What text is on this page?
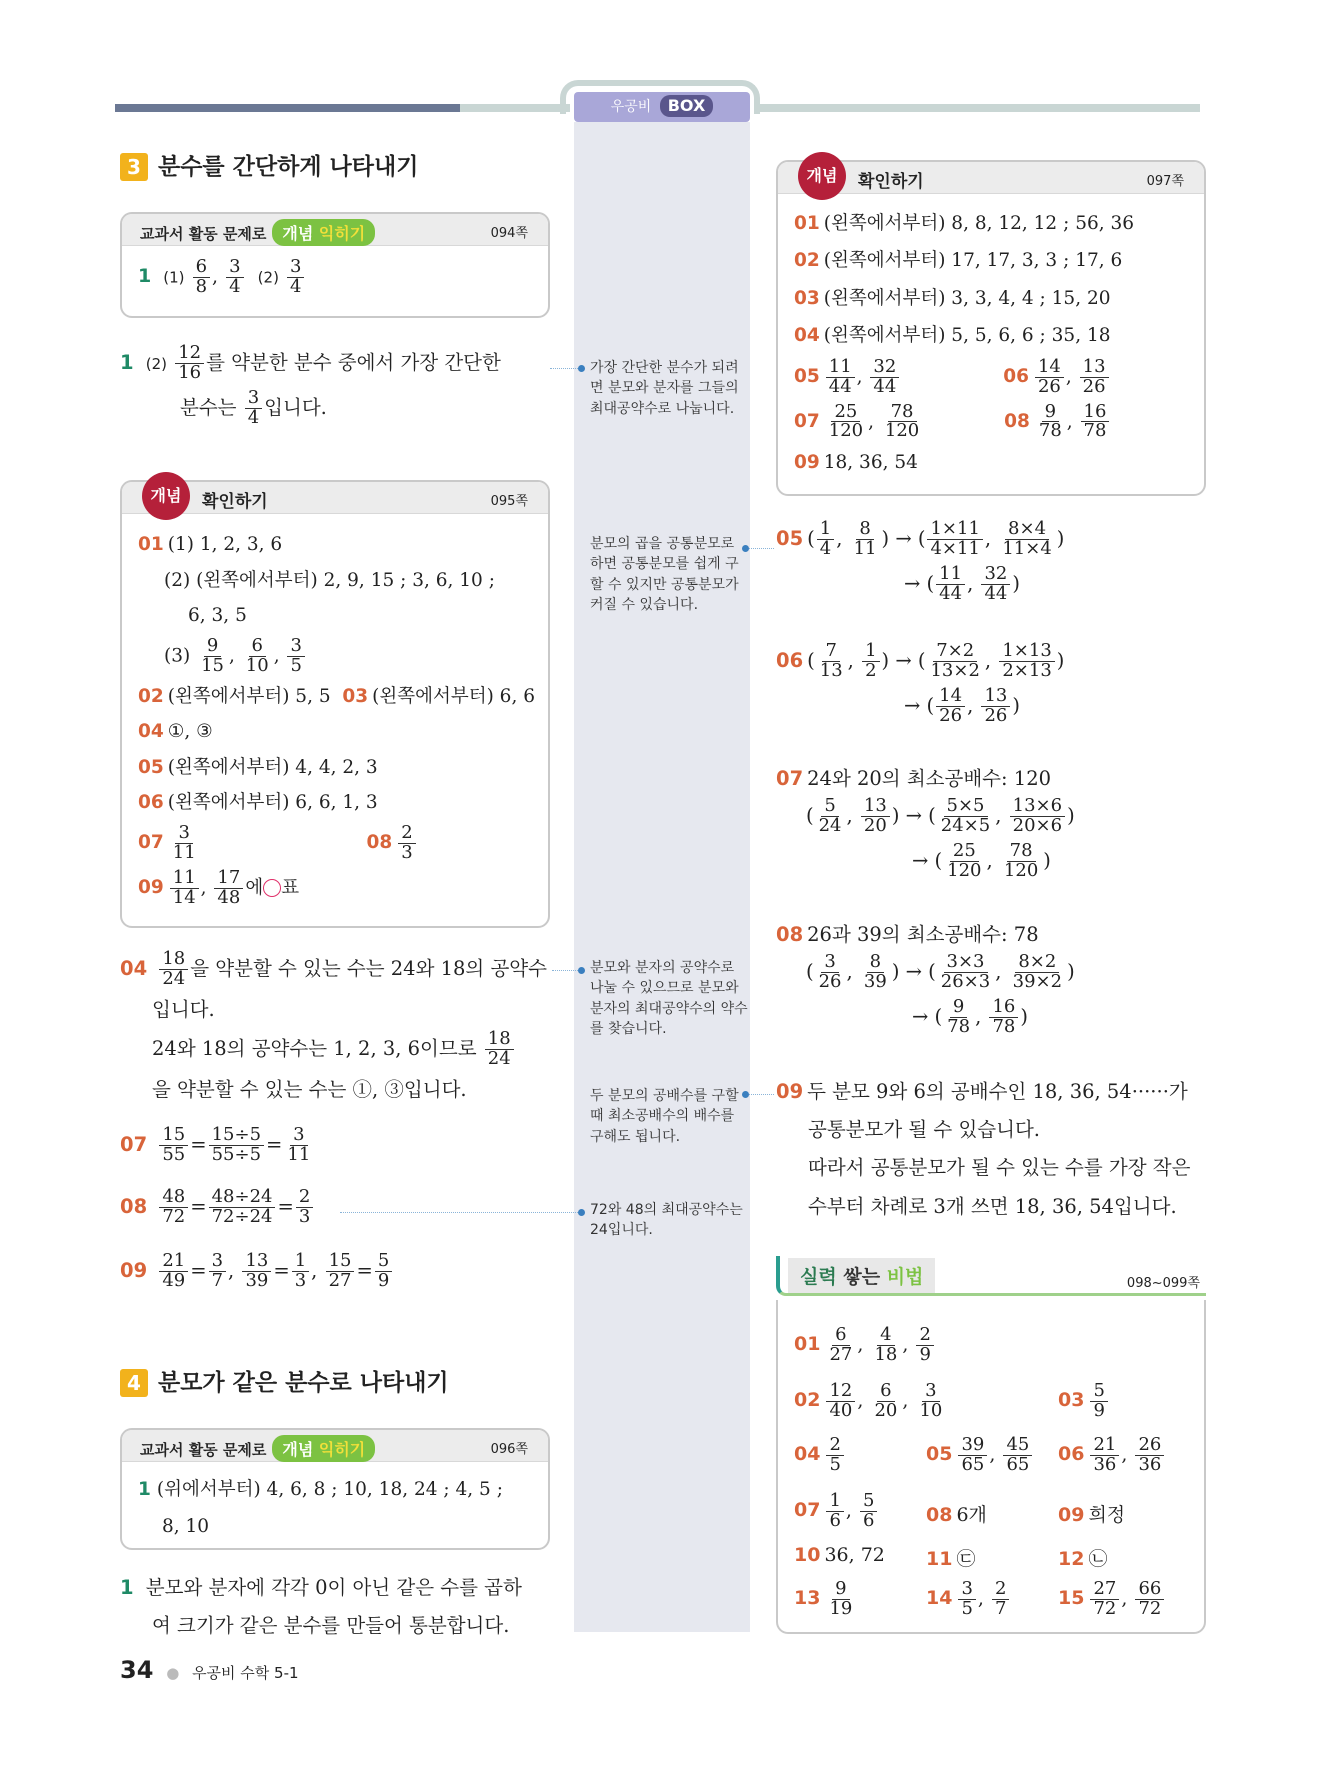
우공비 BOX
3 분수를 간단하게 나타내기
교과서 활동 문제로 개념 익히기	094쪽
1 $(1) \frac{6}{8}$ , $\frac{3}{4} (2) \frac{3}{4}$
1 $(2) \frac{12}{16}$ 를 약분한 분수 중에서 가장 간단한
분수는 $\frac{3}{4}$ 입니다.
가장 간단한 분수가 되려면 분모와 분자를 그들의 최대공약수로 나눕니다.
확인하기	095쪽
개념
01 (1) 1, 2, 3, 6
(2) (왼쪽에서부터) 2, 9, 15 ; 3, 6, 10 ;
6, 3, 5
$(3) \frac{9}{15}$ , $\frac{6}{10}$ , $\frac{3}{5}$
02 (왼쪽에서부터) 5, 5 03 (왼쪽에서부터) 6, 6
04 ①, ③
05 (왼쪽에서부터) 4, 4, 2, 3
06 (왼쪽에서부터) 6, 6, 1, 3
$07 \frac{3}{11}$	$08 \frac{2}{3}$
$09 \frac{11}{14}$ , $\frac{17}{48}$ 에○표
$04 \frac{18}{24}$ 을 약분할 수 있는 수는 24와 18의 공약수
입니다.
24와 18의 공약수는 1, 2, 3, 6이므로 $\frac{18}{24}$
을 약분할 수 있는 수는 ①, ③입니다.
분모와 분자의 공약수로 나눌 수 있으므로 분모와 분자의 최대공약수의 약수를 찾습니다.
$07 \frac{15}{55} = \frac{15\div 5}{55\div 5} = \frac{3}{11}$
$08 \frac{48}{72} = \frac{48\div 24}{72\div 24} = \frac{2}{3}$	72와 48의 최대공약수는 24입니다.
$09 \frac{21}{49} = \frac{3}{7}$ , $\frac{13}{39} = \frac{1}{3}$ , $\frac{15}{27} = \frac{5}{9}$
4 분모가 같은 분수로 나타내기
교과서 활동 문제로 개념 익히기	096쪽
1 (위에서부터) 4, 6, 8 ; 10, 18, 24 ; 4, 5 ;
8, 10
1 분모와 분자에 각각 0이 아닌 같은 수를 곱하
여 크기가 같은 분수를 만들어 통분합니다.
34 ● 우공비 수학 5-1
분모의 곱을 공통분모로 하면 공통분모를 쉽게 구할 수 있지만 공통분모가 커질 수 있습니다.
두 분모의 공배수를 구할 때 최소공배수의 배수를 구해도 됩니다.
확인하기	097쪽
개념
01 (왼쪽에서부터) 8, 8, 12, 12 ; 56, 36
02 (왼쪽에서부터) 17, 17, 3, 3 ; 17, 6
03 (왼쪽에서부터) 3, 3, 4, 4 ; 15, 20
04 (왼쪽에서부터) 5, 5, 6, 6 ; 35, 18
$05 \frac{11}{44}$ , $\frac{32}{44}$	$06 \frac{14}{26}$ , $\frac{13}{26}$
$07 \frac{25}{120}$ , $\frac{78}{120}$	$08 \frac{9}{78}$ , $\frac{16}{78}$
09 18, 36, 54
05 ( $\frac{1}{4}$ , $\frac{8}{11}$ ) → ( $\frac{1\times 11}{4\times 11}$ , $\frac{8\times 4}{11\times 4}$ )
→ ( $\frac{11}{44}$ , $\frac{32}{44}$ )
06 ( $\frac{7}{13}$ , $\frac{1}{2}$ ) → ( $\frac{7\times 2}{13\times 2}$ , $\frac{1\times 13}{2\times 13}$ )
→ ( $\frac{14}{26}$ , $\frac{13}{26}$ )
07 24와 20의 최소공배수: 120
( $\frac{5}{24}$ , $\frac{13}{20}$ ) → ( $\frac{5\times 5}{24\times 5}$ , $\frac{13\times 6}{20\times 6}$ )
→ ( $\frac{25}{120}$ , $\frac{78}{120}$ )
08 26과 39의 최소공배수: 78
( $\frac{3}{26}$ , $\frac{8}{39}$ ) → ( $\frac{3\times 3}{26\times 3}$ , $\frac{8\times 2}{39\times 2}$ )
→ ( $\frac{9}{78}$ , $\frac{16}{78}$ )
09 두 분모 9와 6의 공배수인 18, 36, 54······가
공통분모가 될 수 있습니다.
따라서 공통분모가 될 수 있는 수를 가장 작은
수부터 차례로 3개 쓰면 18, 36, 54입니다.
실력 쌓는 비법	098~099쪽
$01 \frac{6}{27}$ , $\frac{4}{18}$ , $\frac{2}{9}$
$02 \frac{12}{40}$ , $\frac{6}{20}$ , $\frac{3}{10}$	$03 \frac{5}{9}$
$04 \frac{2}{5}$	$05 \frac{39}{65}$ , $\frac{45}{65} 06 \frac{21}{36}$ , $\frac{26}{36}$
$07 \frac{1}{6}$ , $\frac{5}{6}$	08 6개	09 희정
10 36, 72 11 ㉢	12 ㉡
$13 \frac{9}{19}$	$14 \frac{3}{5}$ , $\frac{2}{7}$	$15 \frac{27}{72}$ , $\frac{66}{72}$
